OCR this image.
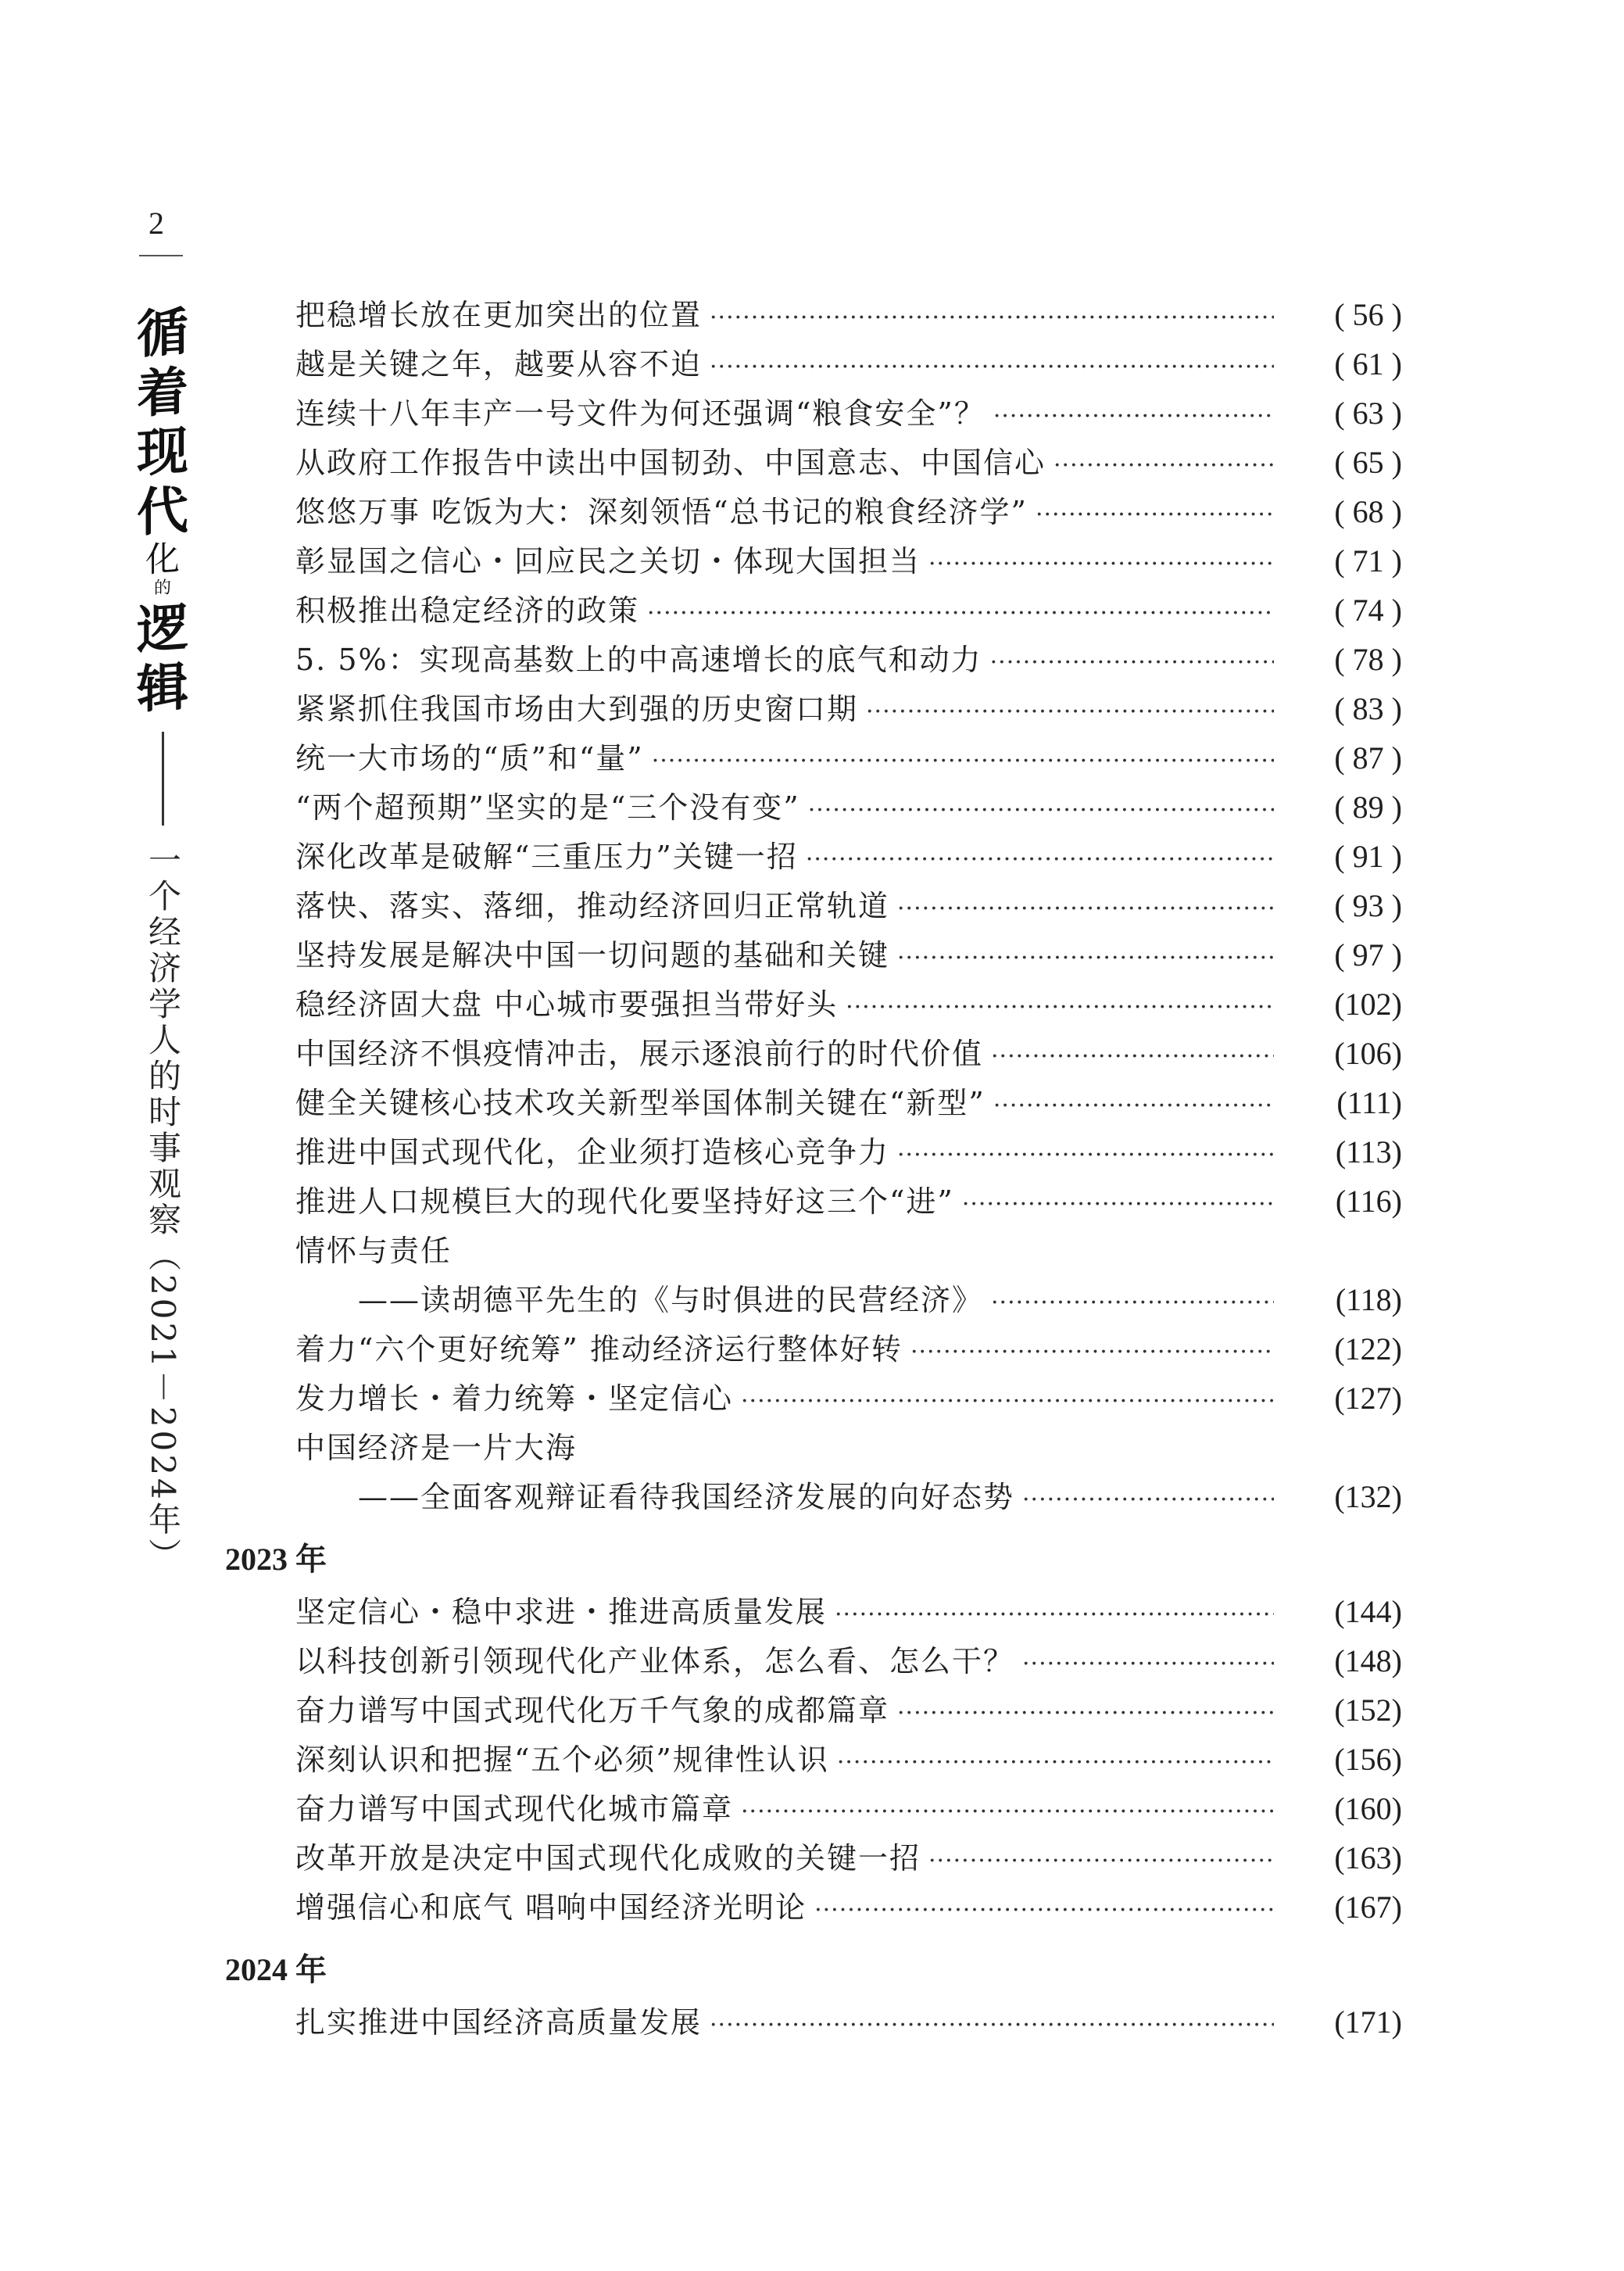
2
循
着
现
代
化
的
逻
辑
一个经济学人的时事观察（2021－2024年）
把稳增长放在更加突出的位置 ·····	( 56 )
越是关键之年，越要从容不迫 ·····	( 61 )
连续十八年丰产一号文件为何还强调“粮食安全”？ ·····	( 63 )
从政府工作报告中读出中国韧劲、中国意志、中国信心 ·····	( 65 )
悠悠万事 吃饭为大：深刻领悟“总书记的粮食经济学” ·····	( 68 )
彰显国之信心・回应民之关切・体现大国担当 ·····	( 71 )
积极推出稳定经济的政策 ·····	( 74 )
5. 5%：实现高基数上的中高速增长的底气和动力 ·····	( 78 )
紧紧抓住我国市场由大到强的历史窗口期 ·····	( 83 )
统一大市场的“质”和“量” ·····	( 87 )
“两个超预期”坚实的是“三个没有变” ·····	( 89 )
深化改革是破解“三重压力”关键一招 ·····	( 91 )
落快、落实、落细，推动经济回归正常轨道 ·····	( 93 )
坚持发展是解决中国一切问题的基础和关键 ·····	( 97 )
稳经济固大盘 中心城市要强担当带好头 ·····	(102)
中国经济不惧疫情冲击，展示逐浪前行的时代价值 ·····	(106)
健全关键核心技术攻关新型举国体制关键在“新型” ·····	(111)
推进中国式现代化，企业须打造核心竞争力 ·····	(113)
推进人口规模巨大的现代化要坚持好这三个“进” ·····	(116)
情怀与责任
——读胡德平先生的《与时俱进的民营经济》 ·····	(118)
着力“六个更好统筹” 推动经济运行整体好转 ·····	(122)
发力增长・着力统筹・坚定信心 ·····	(127)
中国经济是一片大海
——全面客观辩证看待我国经济发展的向好态势 ·····	(132)
2023 年
坚定信心・稳中求进・推进高质量发展 ·····	(144)
以科技创新引领现代化产业体系，怎么看、怎么干？ ·····	(148)
奋力谱写中国式现代化万千气象的成都篇章 ·····	(152)
深刻认识和把握“五个必须”规律性认识 ·····	(156)
奋力谱写中国式现代化城市篇章 ·····	(160)
改革开放是决定中国式现代化成败的关键一招 ·····	(163)
增强信心和底气 唱响中国经济光明论 ·····	(167)
2024 年
扎实推进中国经济高质量发展 ·····	(171)
